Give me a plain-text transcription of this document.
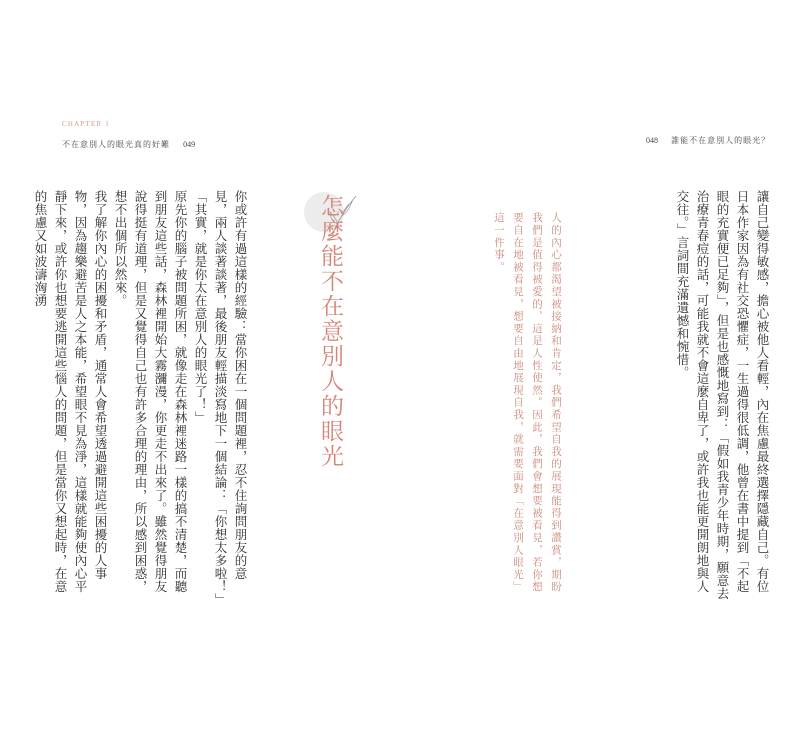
CHAPTER 1
不在意別人的眼光真的好難 049
怎麼能不在意別人的眼光
你或許有過這樣的經驗：當你困在一個問題裡，忍不住詢問朋友的意見，兩人談著談著，最後朋友輕描淡寫地下一個結論：「你想太多啦！」「其實，就是你太在意別人的眼光了！」
原先你的腦子被問題所困，就像走在森林裡迷路一樣的搞不清楚，而聽到朋友這些話，森林裡開始大霧瀰漫，你更走不出來了。雖然覺得朋友說得挺有道理，但是又覺得自己也有許多合理的理由，所以感到困惑，想不出個所以然來。
我了解你內心的困擾和矛盾，通常人會希望透過避開這些困擾的人事物，因為趨樂避苦是人之本能，希望眼不見為淨，這樣就能夠使內心平靜下來，或許你也想要逃開這些惱人的問題，但是當你又想起時，在意的焦慮又如波濤洶湧
048 誰能不在意別人的眼光？
讓自己變得敏感，擔心被他人看輕，內在焦慮最終選擇隱藏自己。有位日本作家因為有社交恐懼症，一生過得很低調，他曾在書中提到「不起眼的充實便已足夠」，但是也感慨地寫到：「假如我青少年時期，願意去治療青春痘的話，可能我就不會這麼自卑了，或許我也能更開朗地與人交往。」言詞間充滿遺憾和惋惜。
人的內心都渴望被接納和肯定，我們希望自我的展現能得到讚賞，期盼我們是值得被愛的，這是人性使然。因此，我們會想要被看見，若你想要自在地被看見，想要自由地展現自我，就需要面對「在意別人眼光」這一件事。
